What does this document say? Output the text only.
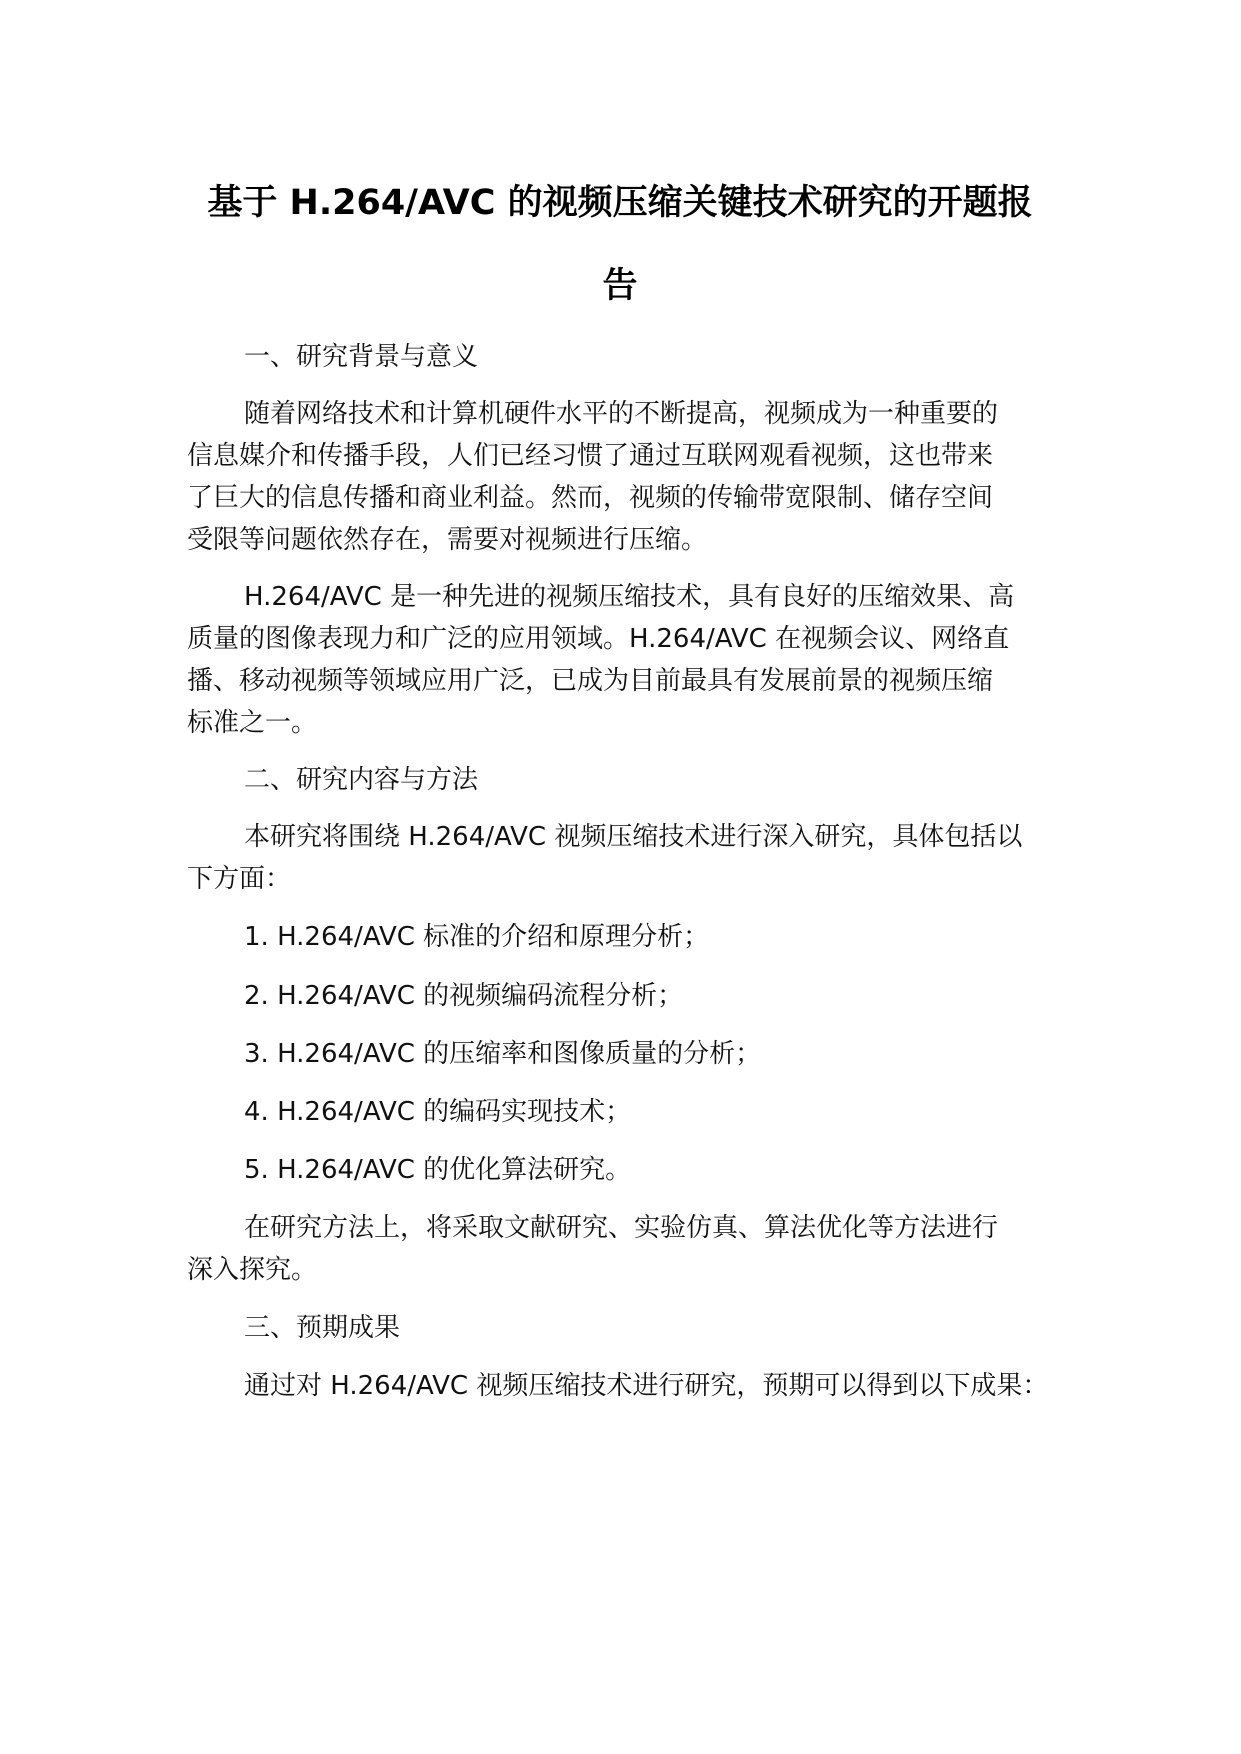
基于 H.264/AVC 的视频压缩关键技术研究的开题报
告

一、研究背景与意义

随着网络技术和计算机硬件水平的不断提高，视频成为一种重要的

信息媒介和传播手段，人们已经习惯了通过互联网观看视频，这也带来

了巨大的信息传播和商业利益。然而，视频的传输带宽限制、储存空间

受限等问题依然存在，需要对视频进行压缩。

H.264/AVC 是一种先进的视频压缩技术，具有良好的压缩效果、高

质量的图像表现力和广泛的应用领域。H.264/AVC 在视频会议、网络直

播、移动视频等领域应用广泛，已成为目前最具有发展前景的视频压缩

标准之一。

二、研究内容与方法

本研究将围绕 H.264/AVC 视频压缩技术进行深入研究，具体包括以

下方面：

1. H.264/AVC 标准的介绍和原理分析；

2. H.264/AVC 的视频编码流程分析；

3. H.264/AVC 的压缩率和图像质量的分析；

4. H.264/AVC 的编码实现技术；

5. H.264/AVC 的优化算法研究。

在研究方法上，将采取文献研究、实验仿真、算法优化等方法进行

深入探究。

三、预期成果

通过对 H.264/AVC 视频压缩技术进行研究，预期可以得到以下成果：
